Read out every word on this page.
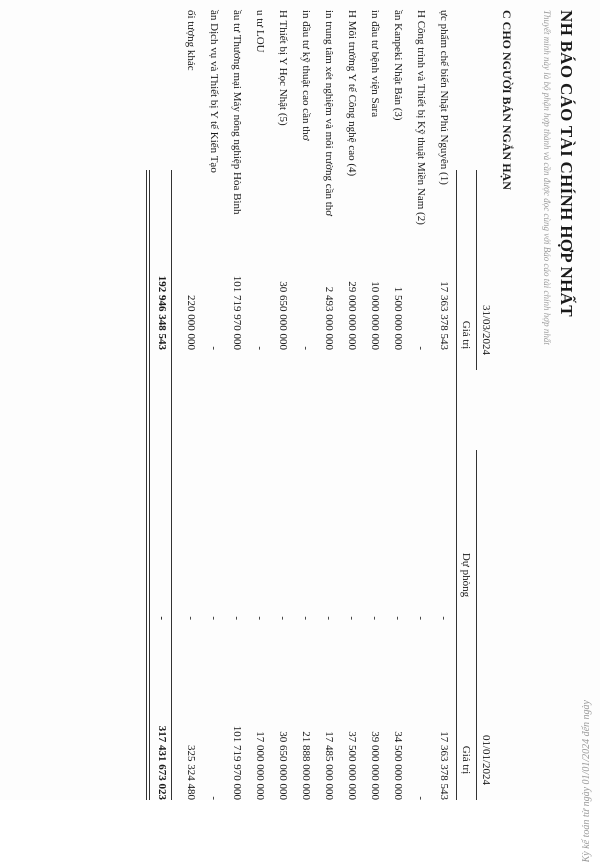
Kỳ kế toán từ ngày 01/01/2024 đến ngày
NH BÁO CÁO TÀI CHÍNH HỢP NHẤT
Thuyết minh này là bộ phận hợp thành và cần được đọc cùng với Báo cáo tài chính hợp nhất
C CHO NGƯỜI BÁN NGẮN HẠN
31/03/2024
Giá trị
01/01/2024
Dự phòng
Giá trị
ực phẩm chế biến Nhật Phú Nguyên (1)
17 363 378 543
-
17 363 378 543
H Công trình và Thiết bị Kỹ thuật Miền Nam (2)
-
-
-
ần Kanpeki Nhật Bản (3)
1 500 000 000
-
34 500 000 000
ìn đầu tư bệnh viện Sara
10 000 000 000
-
39 000 000 000
H Môi trường Y tế Công nghệ cao (4)
29 000 000 000
-
37 500 000 000
in trung tâm xét nghiệm và môi trường cần thơ
2 493 000 000
-
17 485 000 000
in đầu tư kỹ thuật cao cần thơ
-
-
21 888 000 000
H Thiết bị Y Học Nhật (5)
30 650 000 000
-
30 650 000 000
u tư LOU
-
-
17 000 000 000
ầu tư Thương mại Máy nông nghiệp Hòa Bình
101 719 970 000
-
101 719 970 000
ần Dịch vụ và Thiết bị Y tế Kiến Tạo
-
-
-
ối tượng khác
220 000 000
-
325 324 480
192 946 348 543
-
317 431 673 023
